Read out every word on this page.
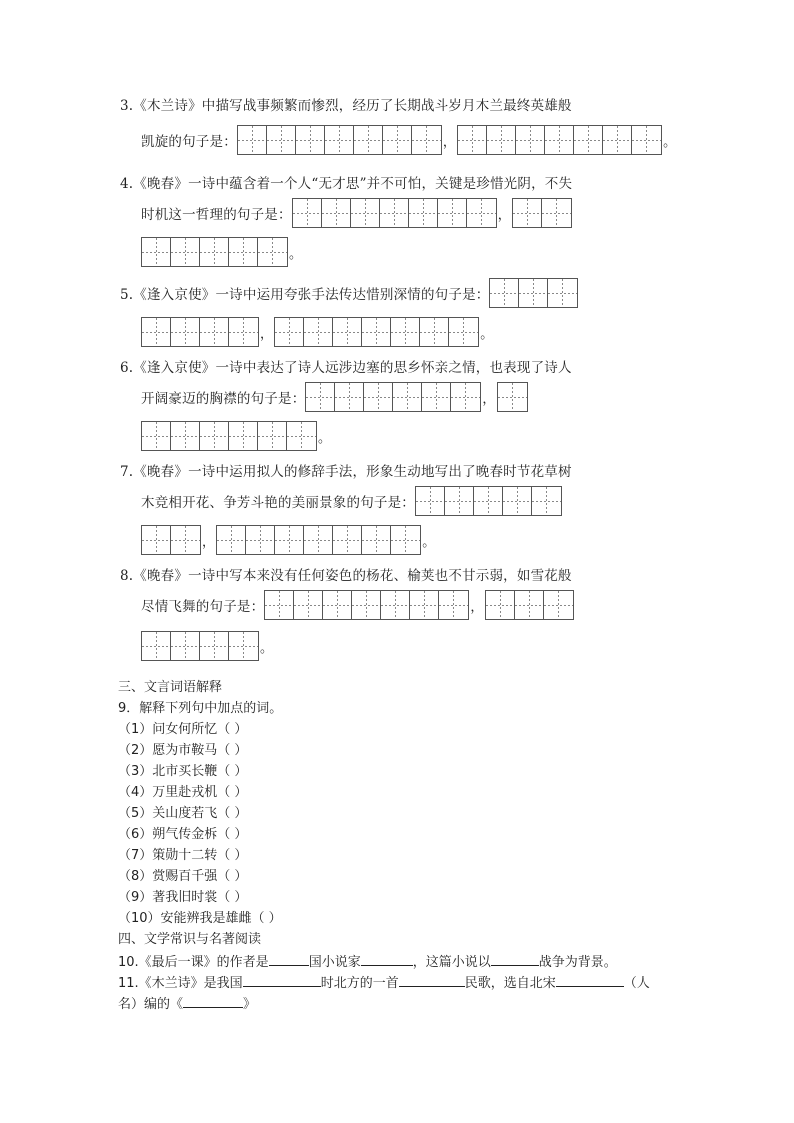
3.《木兰诗》中描写战事频繁而惨烈，经历了长期战斗岁月木兰最终英雄般
凯旋的句子是：	，	。
4.《晚春》一诗中蕴含着一个人“无才思”并不可怕，关键是珍惜光阴，不失
时机这一哲理的句子是：	，
。
5.《逢入京使》一诗中运用夸张手法传达惜别深情的句子是：
，	。
6.《逢入京使》一诗中表达了诗人远涉边塞的思乡怀亲之情，也表现了诗人
开阔豪迈的胸襟的句子是：	，
。
7.《晚春》一诗中运用拟人的修辞手法，形象生动地写出了晚春时节花草树
木竞相开花、争芳斗艳的美丽景象的句子是：
，	。
8.《晚春》一诗中写本来没有任何姿色的杨花、榆荚也不甘示弱，如雪花般
尽情飞舞的句子是：	，
。
三、文言词语解释
9．解释下列句中加点的词。
（1）问女何所忆（ ）
（2）愿为市鞍马（ ）
（3）北市买长鞭（ ）
（4）万里赴戎机（ ）
（5）关山度若飞（ ）
（6）朔气传金柝（ ）
（7）策勋十二转（ ）
（8）赏赐百千强（ ）
（9）著我旧时裳（ ）
（10）安能辨我是雄雌（ ）
四、文学常识与名著阅读
10.《最后一课》的作者是	国小说家	，这篇小说以	战争为背景。
11.《木兰诗》是我国	时北方的一首	民歌，选自北宋	（人
名）编的《	》
